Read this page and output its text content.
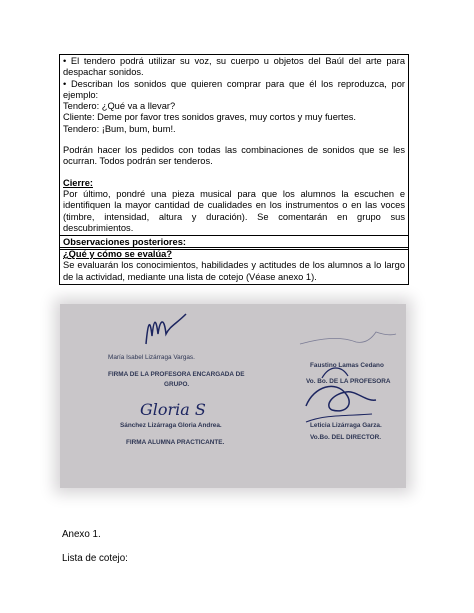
• El tendero podrá utilizar su voz, su cuerpo u objetos del Baúl del arte para despachar sonidos.

• Describan los sonidos que quieren comprar para que él los reproduzca, por ejemplo:

Tendero: ¿Qué va a llevar?

Cliente: Deme por favor tres sonidos graves, muy cortos y muy fuertes.

Tendero: ¡Bum, bum, bum!.

Podrán hacer los pedidos con todas las combinaciones de sonidos que se les ocurran. Todos podrán ser tenderos.

Cierre:

Por último, pondré una pieza musical para que los alumnos la escuchen e identifiquen la mayor cantidad de cualidades en los instrumentos o en las voces (timbre, intensidad, altura y duración). Se comentarán en grupo sus descubrimientos.

Observaciones posteriores:

¿Qué y cómo se evalúa?

Se evaluarán los conocimientos, habilidades y actitudes de los alumnos a lo largo de la actividad, mediante una lista de cotejo (Véase anexo 1).

María Isabel Lizárraga Vargas.
FIRMA DE LA PROFESORA ENCARGADA DE
GRUPO.
Gloria S
Sánchez Lizárraga Gloria Andrea.
FIRMA ALUMNA PRACTICANTE.
Faustino Lamas Cedano
Vo. Bo. DE LA PROFESORA
Leticia Lizárraga Garza.
Vo.Bo. DEL DIRECTOR.
Anexo 1.
Lista de cotejo:
